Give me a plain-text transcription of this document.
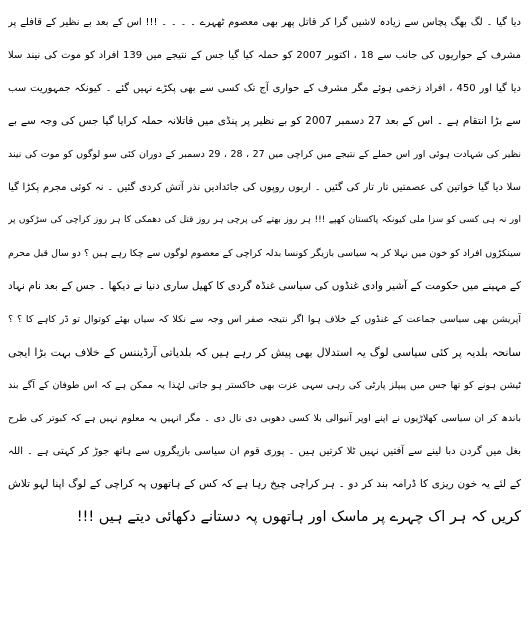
دیا گیا ۔ لگ بھگ پچاس سے زیادہ لاشیں گرا کر قاتل پھر بھی معصوم ٹھہرے ۔ ۔ ۔ ۔ !!! اس کے بعد بے نظیر کے قافلے پر
مشرف کے حواریوں کی جانب سے 18 ، اکتوبر 2007 کو حملہ کیا گیا جس کے نتیجے میں 139 افراد کو موت کی نیند سلا
دیا گیا اور 450 ، افراد زخمی ہوئے مگر مشرف کے حواری آج تک کسی سے بھی پکڑے نہیں گئے ۔ کیونکہ جمہوریت سب
سے بڑا انتقام ہے ۔ اس کے بعد 27 دسمبر 2007 کو بے نظیر پر پنڈی میں قاتلانہ حملہ کرایا گیا جس کی وجہ سے بے
نظیر کی شہادت ہوئی اور اس حملے کے نتیجے میں کراچی میں 27 ، 28 ، 29 دسمبر کے دوران کئی سو لوگوں کو موت کی نیند
سلا دیا گیا خواتین کی عصمتیں تار تار کی گئیں ۔ اربوں روپوں کی جائدادیں نذر آتش کردی گئیں ۔ نہ کوئی مجرم پکڑا گیا
اور نہ ہی کسی کو سزا ملی کیونکہ پاکستان کھپے !!! ہر روز بھتے کی پرچی ہر روز قتل کی دھمکی کا ہر روز کراچی کی سڑکوں پر
سینکڑوں افراد کو خون میں نہلا کر یہ سیاسی بازیگر کونسا بدلہ کراچی کے معصوم لوگوں سے چکا رہے ہیں ؟ دو سال قبل محرم
کے مہینے میں حکومت کے آشیر وادی غنڈوں کی سیاسی غنڈہ گردی کا کھیل ساری دنیا نے دیکھا ۔ جس کے بعد نام نہاد
آپریشن بھی سیاسی جماعت کے غنڈوں کے خلاف ہوا اگر نتیجہ صفر اس وجہ سے نکلا کہ سیاں بھئے کوتوال تو ڈر کاہے کا ؟ ؟
سانحہ بلدیہ پر کئی سیاسی لوگ یہ استدلال بھی پیش کر رہے ہیں کہ بلدیاتی آرڈیننس کے خلاف بہت بڑا ایجی
ٹیشن ہونے کو تھا جس میں پیپلز پارٹی کی رہی سہی عزت بھی خاکستر ہو جاتی لہٰذا یہ ممکن ہے کہ اس طوفان کے آگے بند
باندھ کر ان سیاسی کھلاڑیوں نے اپنے اوپر آنیوالی بلا کسی دھوبی دی نال دی ۔ مگر انہیں یہ معلوم نہیں ہے کہ کبوتر کی طرح
بغل میں گردن دبا لینے سے آفتیں نہیں ٹلا کرتیں ہیں ۔ پوری قوم ان سیاسی بازیگروں سے ہاتھ جوڑ کر کہتی ہے ۔ اللہ
کے لئے یہ خون ریزی کا ڈرامہ بند کر دو ۔ ہر کراچی چیخ رہا ہے کہ کس کے ہاتھوں پہ کراچی کے لوگ اپنا لہو تلاش
کریں کہ ہر اک چہرے پر ماسک اور ہاتھوں پہ دستانے دکھائی دیتے ہیں !!!
